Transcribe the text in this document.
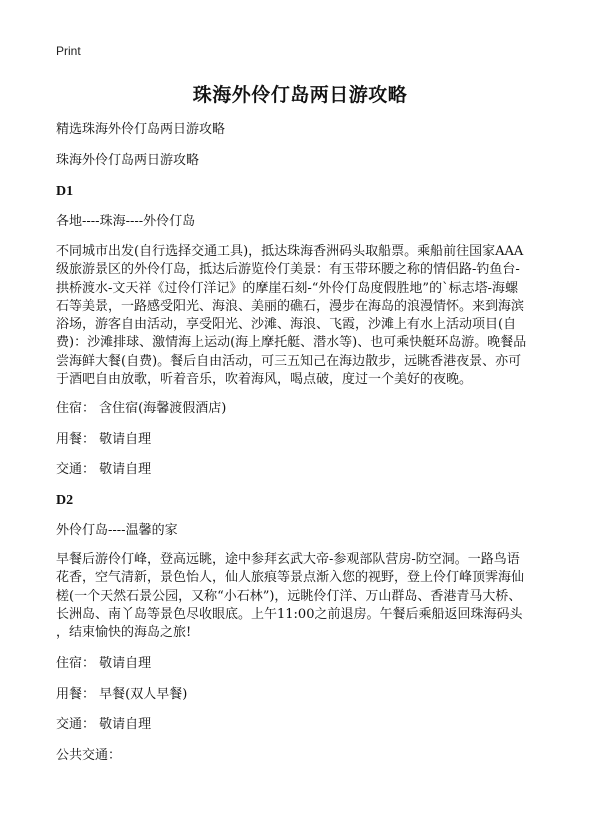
Print
珠海外伶仃岛两日游攻略
精选珠海外伶仃岛两日游攻略
珠海外伶仃岛两日游攻略
D1
各地----珠海----外伶仃岛
不同城市出发(自行选择交通工具)，抵达珠海香洲码头取船票。乘船前往国家AAA
级旅游景区的外伶仃岛，抵达后游览伶仃美景：有玉带环腰之称的情侣路-钓鱼台-
拱桥渡水-文天祥《过伶仃洋记》的摩崖石刻-“外伶仃岛度假胜地”的`标志塔-海螺
石等美景，一路感受阳光、海浪、美丽的礁石，漫步在海岛的浪漫情怀。来到海滨
浴场，游客自由活动，享受阳光、沙滩、海浪、飞霞，沙滩上有水上活动项目(自
费)：沙滩排球、激情海上运动(海上摩托艇、潜水等)、也可乘快艇环岛游。晚餐品
尝海鲜大餐(自费)。餐后自由活动，可三五知己在海边散步，远眺香港夜景、亦可
于酒吧自由放歌，听着音乐，吹着海风，喝点破，度过一个美好的夜晚。
住宿： 含住宿(海馨渡假酒店)
用餐： 敬请自理
交通： 敬请自理
D2
外伶仃岛----温馨的家
早餐后游伶仃峰，登高远眺，途中参拜玄武大帝-参观部队营房-防空洞。一路鸟语
花香，空气清新，景色怡人，仙人旅痕等景点渐入您的视野，登上伶仃峰顶霁海仙
槎(一个天然石景公园，又称“小石林”)，远眺伶仃洋、万山群岛、香港青马大桥、
长洲岛、南丫岛等景色尽收眼底。上午11:00之前退房。午餐后乘船返回珠海码头
，结束愉快的海岛之旅!
住宿： 敬请自理
用餐： 早餐(双人早餐)
交通： 敬请自理
公共交通：
